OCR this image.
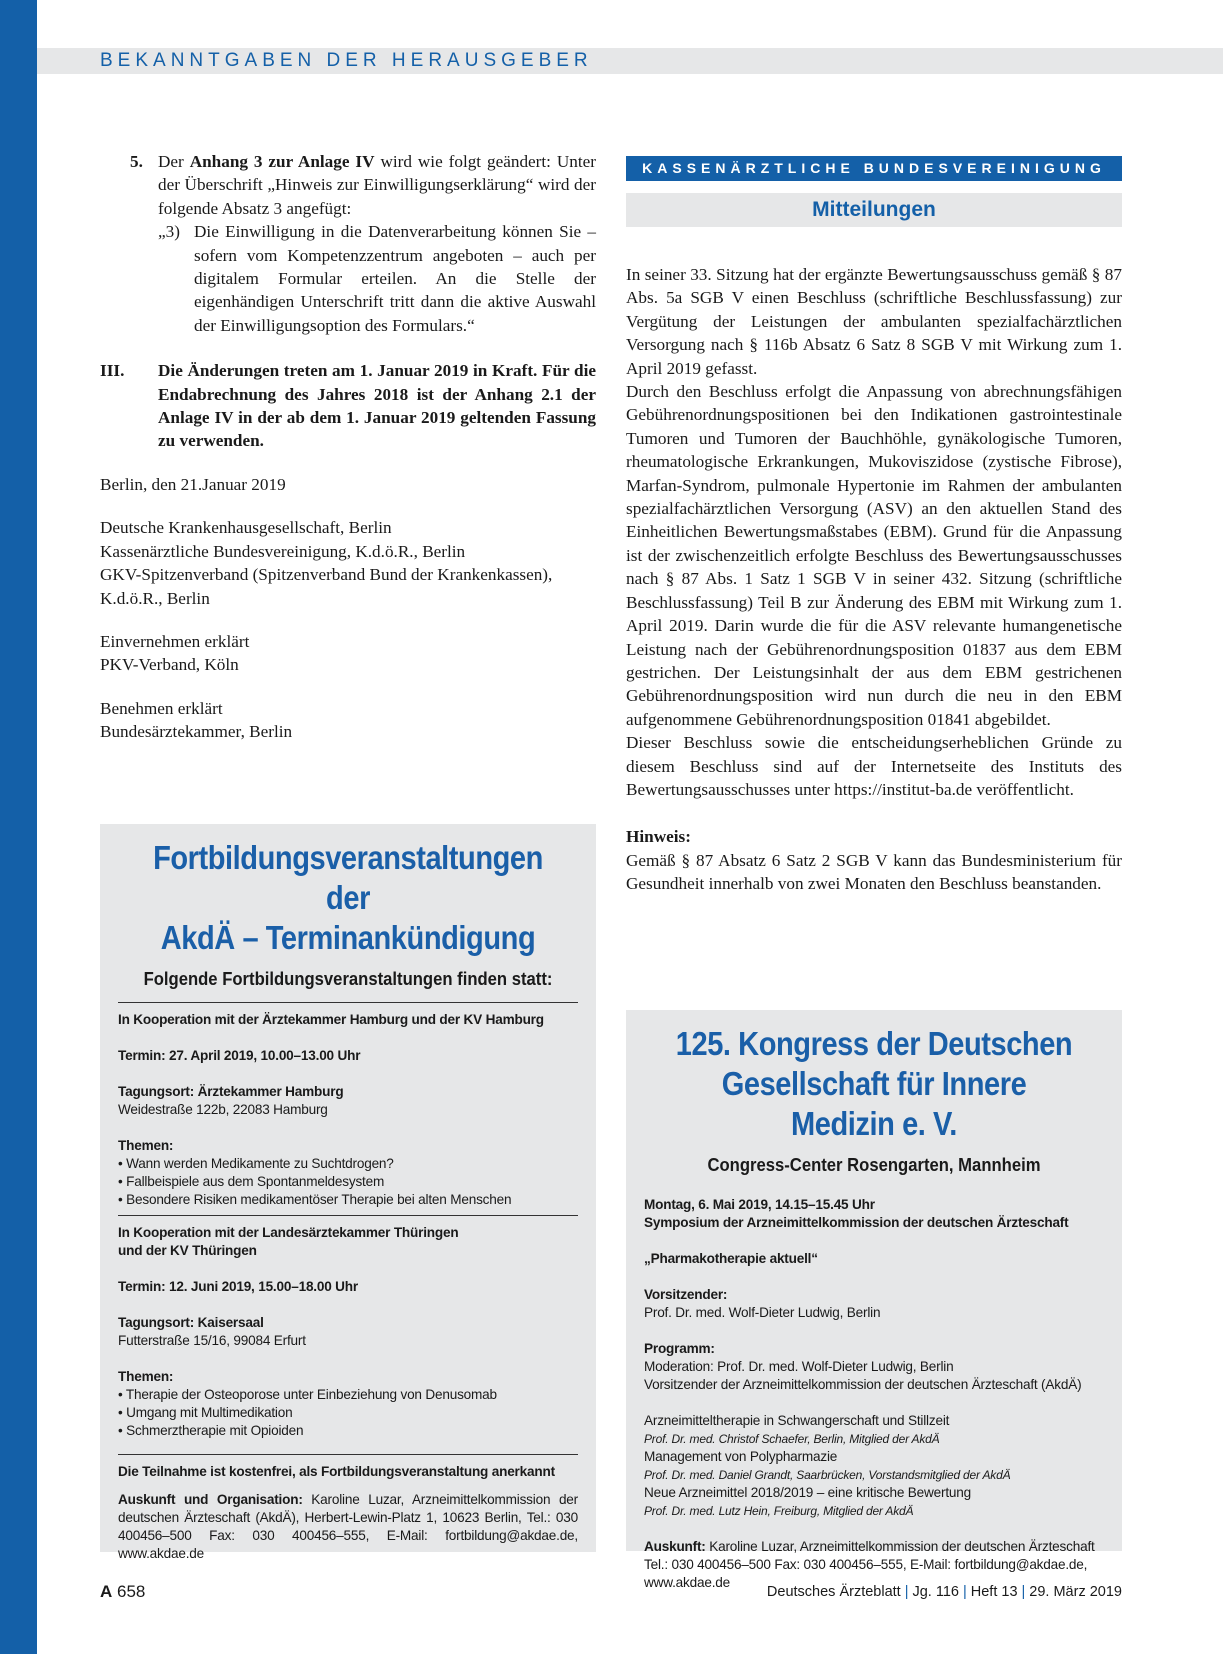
BEKANNTGABEN DER HERAUSGEBER
5. Der Anhang 3 zur Anlage IV wird wie folgt geändert: Unter der Überschrift „Hinweis zur Einwilligungserklärung“ wird der folgende Absatz 3 angefügt:
„3) Die Einwilligung in die Datenverarbeitung können Sie – sofern vom Kompetenzzentrum angeboten – auch per digitalem Formular erteilen. An die Stelle der eigenhändigen Unterschrift tritt dann die aktive Auswahl der Einwilligungsoption des Formulars.“
III. Die Änderungen treten am 1. Januar 2019 in Kraft. Für die Endabrechnung des Jahres 2018 ist der Anhang 2.1 der Anlage IV in der ab dem 1. Januar 2019 geltenden Fassung zu verwenden.
Berlin, den 21.Januar 2019
Deutsche Krankenhausgesellschaft, Berlin
Kassenärztliche Bundesvereinigung, K.d.ö.R., Berlin
GKV-Spitzenverband (Spitzenverband Bund der Krankenkassen), K.d.ö.R., Berlin
Einvernehmen erklärt
PKV-Verband, Köln
Benehmen erklärt
Bundesärztekammer, Berlin
Fortbildungsveranstaltungen der
AkdÄ – Terminankündigung
Folgende Fortbildungsveranstaltungen finden statt:
In Kooperation mit der Ärztekammer Hamburg und der KV Hamburg
Termin: 27. April 2019, 10.00–13.00 Uhr
Tagungsort: Ärztekammer Hamburg
Weidestraße 122b, 22083 Hamburg
Themen:
• Wann werden Medikamente zu Suchtdrogen?
• Fallbeispiele aus dem Spontanmeldesystem
• Besondere Risiken medikamentöser Therapie bei alten Menschen
In Kooperation mit der Landesärztekammer Thüringen
und der KV Thüringen
Termin: 12. Juni 2019, 15.00–18.00 Uhr
Tagungsort: Kaisersaal
Futterstraße 15/16, 99084 Erfurt
Themen:
• Therapie der Osteoporose unter Einbeziehung von Denusomab
• Umgang mit Multimedikation
• Schmerztherapie mit Opioiden
Die Teilnahme ist kostenfrei, als Fortbildungsveranstaltung anerkannt
Auskunft und Organisation: Karoline Luzar, Arzneimittelkommission der deutschen Ärzteschaft (AkdÄ), Herbert-Lewin-Platz 1, 10623 Berlin, Tel.: 030 400456–500 Fax: 030 400456–555, E-Mail: fortbildung@akdae.de, www.akdae.de
KASSENÄRZTLICHE BUNDESVEREINIGUNG
Mitteilungen
In seiner 33. Sitzung hat der ergänzte Bewertungsausschuss gemäß § 87 Abs. 5a SGB V einen Beschluss (schriftliche Beschlussfassung) zur Vergütung der Leistungen der ambulanten spezialfachärztlichen Versorgung nach § 116b Absatz 6 Satz 8 SGB V mit Wirkung zum 1. April 2019 gefasst.
Durch den Beschluss erfolgt die Anpassung von abrechnungsfähigen Gebührenordnungspositionen bei den Indikationen gastrointestinale Tumoren und Tumoren der Bauchhöhle, gynäkologische Tumoren, rheumatologische Erkrankungen, Mukoviszidose (zystische Fibrose), Marfan-Syndrom, pulmonale Hypertonie im Rahmen der ambulanten spezialfachärztlichen Versorgung (ASV) an den aktuellen Stand des Einheitlichen Bewertungsmaßstabes (EBM). Grund für die Anpassung ist der zwischenzeitlich erfolgte Beschluss des Bewertungsausschusses nach § 87 Abs. 1 Satz 1 SGB V in seiner 432. Sitzung (schriftliche Beschlussfassung) Teil B zur Änderung des EBM mit Wirkung zum 1. April 2019. Darin wurde die für die ASV relevante humangenetische Leistung nach der Gebührenordnungsposition 01837 aus dem EBM gestrichen. Der Leistungsinhalt der aus dem EBM gestrichenen Gebührenordnungsposition wird nun durch die neu in den EBM aufgenommene Gebührenordnungsposition 01841 abgebildet.
Dieser Beschluss sowie die entscheidungserheblichen Gründe zu diesem Beschluss sind auf der Internetseite des Instituts des Bewertungsausschusses unter https://institut-ba.de veröffentlicht.
Hinweis:
Gemäß § 87 Absatz 6 Satz 2 SGB V kann das Bundesministerium für Gesundheit innerhalb von zwei Monaten den Beschluss beanstanden.
125. Kongress der Deutschen
Gesellschaft für Innere Medizin e. V.
Congress-Center Rosengarten, Mannheim
Montag, 6. Mai 2019, 14.15–15.45 Uhr
Symposium der Arzneimittelkommission der deutschen Ärzteschaft
„Pharmakotherapie aktuell“
Vorsitzender:
Prof. Dr. med. Wolf-Dieter Ludwig, Berlin
Programm:
Moderation: Prof. Dr. med. Wolf-Dieter Ludwig, Berlin
Vorsitzender der Arzneimittelkommission der deutschen Ärzteschaft (AkdÄ)
Arzneimitteltherapie in Schwangerschaft und Stillzeit
Prof. Dr. med. Christof Schaefer, Berlin, Mitglied der AkdÄ
Management von Polypharmazie
Prof. Dr. med. Daniel Grandt, Saarbrücken, Vorstandsmitglied der AkdÄ
Neue Arzneimittel 2018/2019 – eine kritische Bewertung
Prof. Dr. med. Lutz Hein, Freiburg, Mitglied der AkdÄ
Auskunft: Karoline Luzar, Arzneimittelkommission der deutschen Ärzteschaft Tel.: 030 400456–500 Fax: 030 400456–555, E-Mail: fortbildung@akdae.de, www.akdae.de
A 658	Deutsches Ärzteblatt | Jg. 116 | Heft 13 | 29. März 2019
